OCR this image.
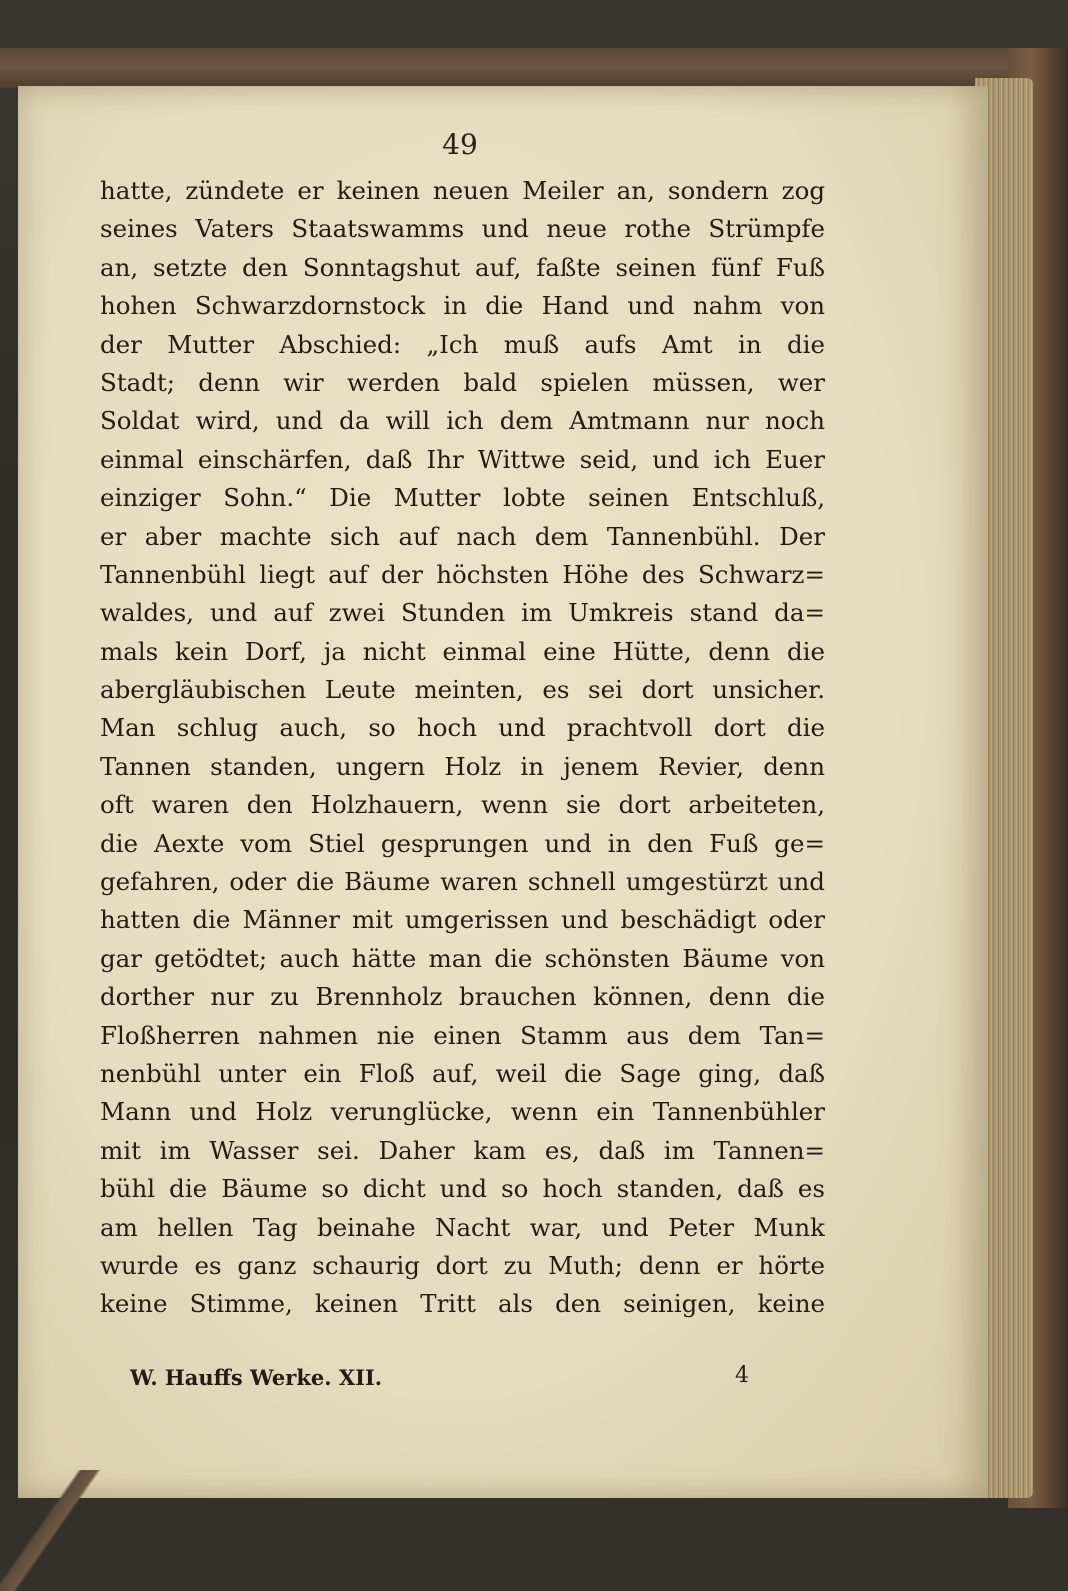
49
hatte, zündete er keinen neuen Meiler an, sondern zog
seines Vaters Staatswamms und neue rothe Strümpfe
an, setzte den Sonntagshut auf, faßte seinen fünf Fuß
hohen Schwarzdornstock in die Hand und nahm von
der Mutter Abschied: „Ich muß aufs Amt in die
Stadt; denn wir werden bald spielen müssen, wer
Soldat wird, und da will ich dem Amtmann nur noch
einmal einschärfen, daß Ihr Wittwe seid, und ich Euer
einziger Sohn.“ Die Mutter lobte seinen Entschluß,
er aber machte sich auf nach dem Tannenbühl. Der
Tannenbühl liegt auf der höchsten Höhe des Schwarz=
waldes, und auf zwei Stunden im Umkreis stand da=
mals kein Dorf, ja nicht einmal eine Hütte, denn die
abergläubischen Leute meinten, es sei dort unsicher.
Man schlug auch, so hoch und prachtvoll dort die
Tannen standen, ungern Holz in jenem Revier, denn
oft waren den Holzhauern, wenn sie dort arbeiteten,
die Aexte vom Stiel gesprungen und in den Fuß ge=
gefahren, oder die Bäume waren schnell umgestürzt und
hatten die Männer mit umgerissen und beschädigt oder
gar getödtet; auch hätte man die schönsten Bäume von
dorther nur zu Brennholz brauchen können, denn die
Floßherren nahmen nie einen Stamm aus dem Tan=
nenbühl unter ein Floß auf, weil die Sage ging, daß
Mann und Holz verunglücke, wenn ein Tannenbühler
mit im Wasser sei. Daher kam es, daß im Tannen=
bühl die Bäume so dicht und so hoch standen, daß es
am hellen Tag beinahe Nacht war, und Peter Munk
wurde es ganz schaurig dort zu Muth; denn er hörte
keine Stimme, keinen Tritt als den seinigen, keine
W. Hauffs Werke. XII.	4
